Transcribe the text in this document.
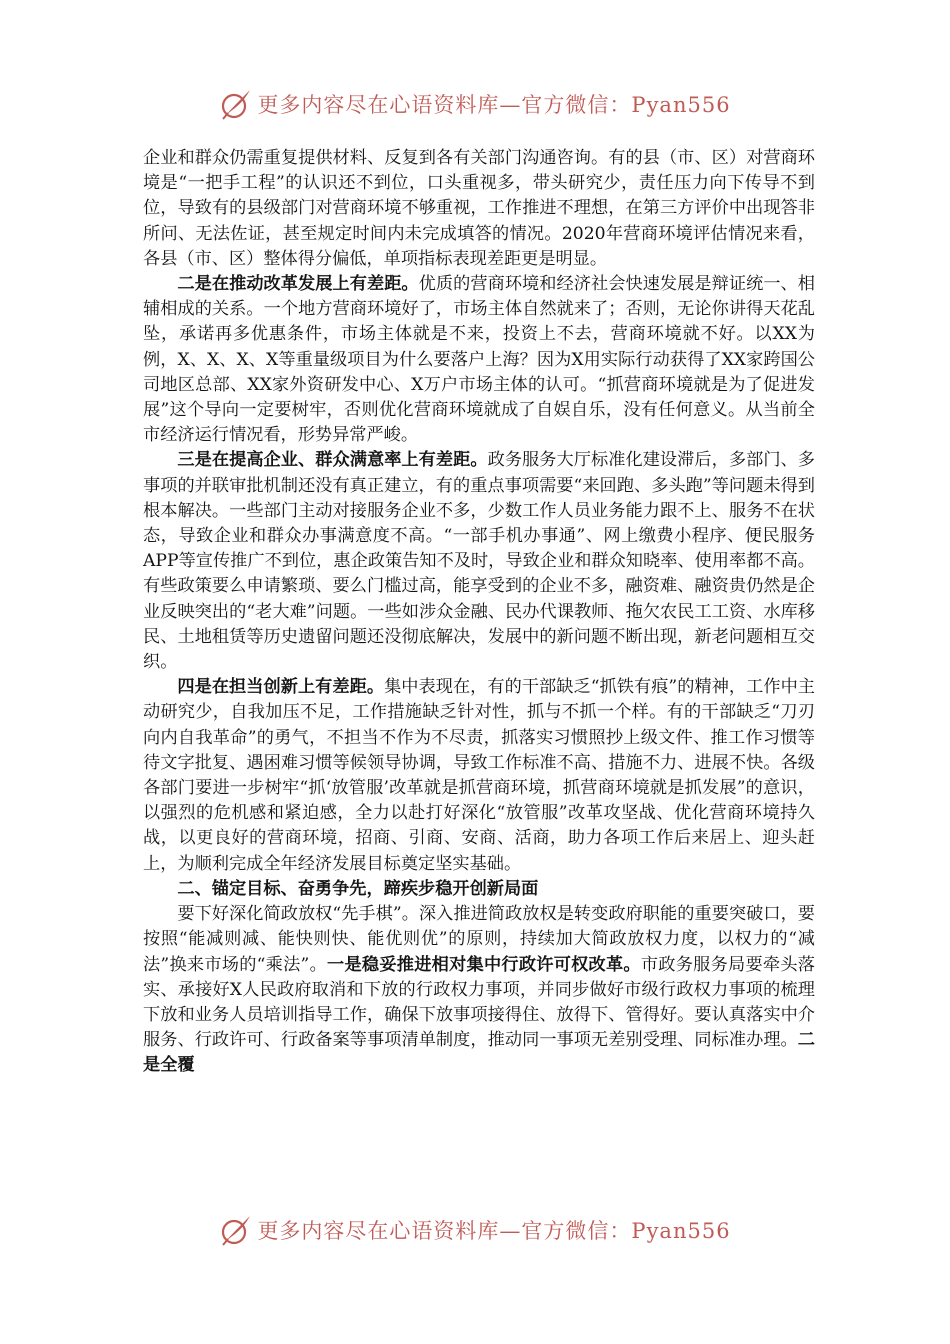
更多内容尽在心语资料库—官方微信：Pyan556

企业和群众仍需重复提供材料、反复到各有关部门沟通咨询。有的县（市、区）对营商环境是“一把手工程”的认识还不到位，口头重视多，带头研究少，责任压力向下传导不到位，导致有的县级部门对营商环境不够重视，工作推进不理想，在第三方评价中出现答非所问、无法佐证，甚至规定时间内未完成填答的情况。2020年营商环境评估情况来看，各县（市、区）整体得分偏低，单项指标表现差距更是明显。

二是在推动改革发展上有差距。优质的营商环境和经济社会快速发展是辩证统一、相辅相成的关系。一个地方营商环境好了，市场主体自然就来了；否则，无论你讲得天花乱坠，承诺再多优惠条件，市场主体就是不来，投资上不去，营商环境就不好。以XX为例，X、X、X、X等重量级项目为什么要落户上海？因为X用实际行动获得了XX家跨国公司地区总部、XX家外资研发中心、X万户市场主体的认可。“抓营商环境就是为了促进发展”这个导向一定要树牢，否则优化营商环境就成了自娱自乐，没有任何意义。从当前全市经济运行情况看，形势异常严峻。

三是在提高企业、群众满意率上有差距。政务服务大厅标准化建设滞后，多部门、多事项的并联审批机制还没有真正建立，有的重点事项需要“来回跑、多头跑”等问题未得到根本解决。一些部门主动对接服务企业不多，少数工作人员业务能力跟不上、服务不在状态，导致企业和群众办事满意度不高。“一部手机办事通”、网上缴费小程序、便民服务APP等宣传推广不到位，惠企政策告知不及时，导致企业和群众知晓率、使用率都不高。有些政策要么申请繁琐、要么门槛过高，能享受到的企业不多，融资难、融资贵仍然是企业反映突出的“老大难”问题。一些如涉众金融、民办代课教师、拖欠农民工工资、水库移民、土地租赁等历史遗留问题还没彻底解决，发展中的新问题不断出现，新老问题相互交织。

四是在担当创新上有差距。集中表现在，有的干部缺乏“抓铁有痕”的精神，工作中主动研究少，自我加压不足，工作措施缺乏针对性，抓与不抓一个样。有的干部缺乏“刀刃向内自我革命”的勇气，不担当不作为不尽责，抓落实习惯照抄上级文件、推工作习惯等待文字批复、遇困难习惯等候领导协调，导致工作标准不高、措施不力、进展不快。各级各部门要进一步树牢“抓‘放管服’改革就是抓营商环境，抓营商环境就是抓发展”的意识，以强烈的危机感和紧迫感，全力以赴打好深化“放管服”改革攻坚战、优化营商环境持久战，以更良好的营商环境，招商、引商、安商、活商，助力各项工作后来居上、迎头赶上，为顺利完成全年经济发展目标奠定坚实基础。

二、锚定目标、奋勇争先，蹄疾步稳开创新局面

要下好深化简政放权“先手棋”。深入推进简政放权是转变政府职能的重要突破口，要按照“能减则减、能快则快、能优则优”的原则，持续加大简政放权力度，以权力的“减法”换来市场的“乘法”。一是稳妥推进相对集中行政许可权改革。市政务服务局要牵头落实、承接好X人民政府取消和下放的行政权力事项，并同步做好市级行政权力事项的梳理下放和业务人员培训指导工作，确保下放事项接得住、放得下、管得好。要认真落实中介服务、行政许可、行政备案等事项清单制度，推动同一事项无差别受理、同标准办理。二是全覆

更多内容尽在心语资料库—官方微信：Pyan556
